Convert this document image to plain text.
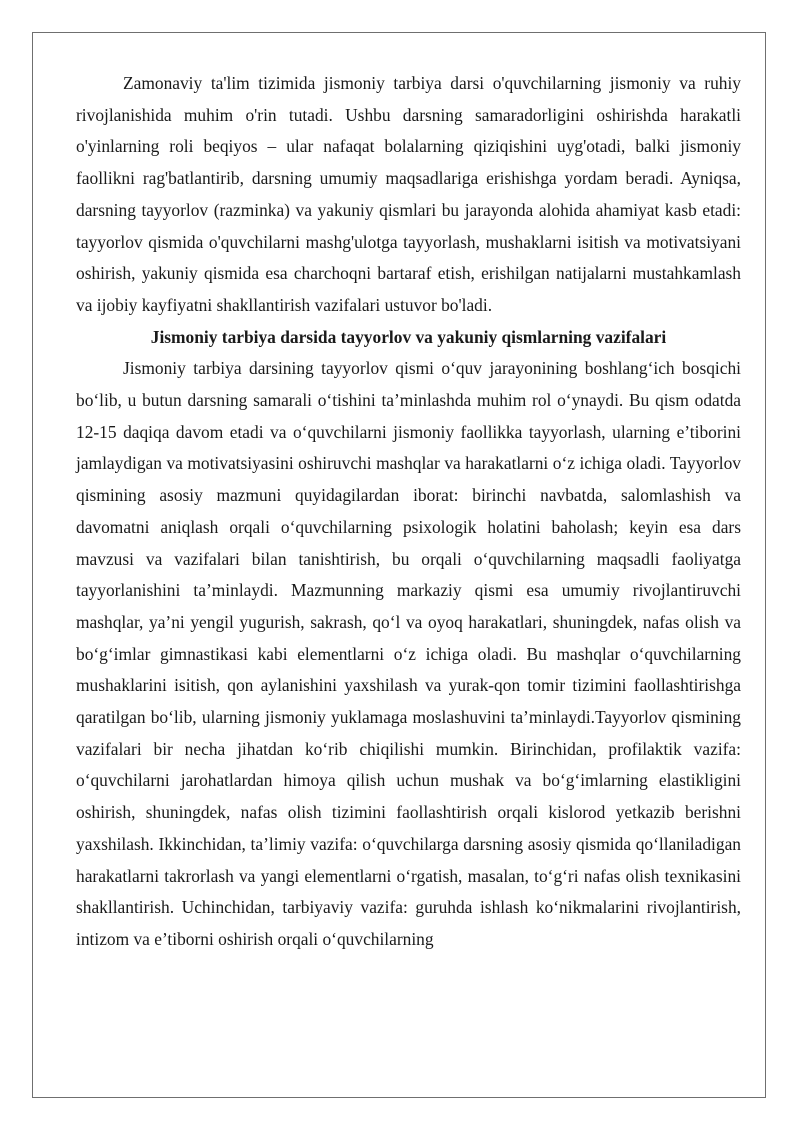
Zamonaviy ta'lim tizimida jismoniy tarbiya darsi o'quvchilarning jismoniy va ruhiy rivojlanishida muhim o'rin tutadi. Ushbu darsning samaradorligini oshirishda harakatli o'yinlarning roli beqiyos – ular nafaqat bolalarning qiziqishini uyg'otadi, balki jismoniy faollikni rag'batlantirib, darsning umumiy maqsadlariga erishishga yordam beradi. Ayniqsa, darsning tayyorlov (razminka) va yakuniy qismlari bu jarayonda alohida ahamiyat kasb etadi: tayyorlov qismida o'quvchilarni mashg'ulotga tayyorlash, mushaklarni isitish va motivatsiyani oshirish, yakuniy qismida esa charchoqni bartaraf etish, erishilgan natijalarni mustahkamlash va ijobiy kayfiyatni shakllantirish vazifalari ustuvor bo'ladi.

Jismoniy tarbiya darsida tayyorlov va yakuniy qismlarning vazifalari

Jismoniy tarbiya darsining tayyorlov qismi o‘quv jarayonining boshlang‘ich bosqichi bo‘lib, u butun darsning samarali o‘tishini ta’minlashda muhim rol o‘ynaydi. Bu qism odatda 12-15 daqiqa davom etadi va o‘quvchilarni jismoniy faollikka tayyorlash, ularning e’tiborini jamlaydigan va motivatsiyasini oshiruvchi mashqlar va harakatlarni o‘z ichiga oladi. Tayyorlov qismining asosiy mazmuni quyidagilardan iborat: birinchi navbatda, salomlashish va davomatni aniqlash orqali o‘quvchilarning psixologik holatini baholash; keyin esa dars mavzusi va vazifalari bilan tanishtirish, bu orqali o‘quvchilarning maqsadli faoliyatga tayyorlanishini ta’minlaydi. Mazmunning markaziy qismi esa umumiy rivojlantiruvchi mashqlar, ya’ni yengil yugurish, sakrash, qo‘l va oyoq harakatlari, shuningdek, nafas olish va bo‘g‘imlar gimnastikasi kabi elementlarni o‘z ichiga oladi. Bu mashqlar o‘quvchilarning mushaklarini isitish, qon aylanishini yaxshilash va yurak-qon tomir tizimini faollashtirishga qaratilgan bo‘lib, ularning jismoniy yuklamaga moslashuvini ta’minlaydi.Tayyorlov qismining vazifalari bir necha jihatdan ko‘rib chiqilishi mumkin. Birinchidan, profilaktik vazifa: o‘quvchilarni jarohatlardan himoya qilish uchun mushak va bo‘g‘imlarning elastikligini oshirish, shuningdek, nafas olish tizimini faollashtirish orqali kislorod yetkazib berishni yaxshilash. Ikkinchidan, ta’limiy vazifa: o‘quvchilarga darsning asosiy qismida qo‘llaniladigan harakatlarni takrorlash va yangi elementlarni o‘rgatish, masalan, to‘g‘ri nafas olish texnikasini shakllantirish. Uchinchidan, tarbiyaviy vazifa: guruhda ishlash ko‘nikmalarini rivojlantirish, intizom va e’tiborni oshirish orqali o‘quvchilarning
